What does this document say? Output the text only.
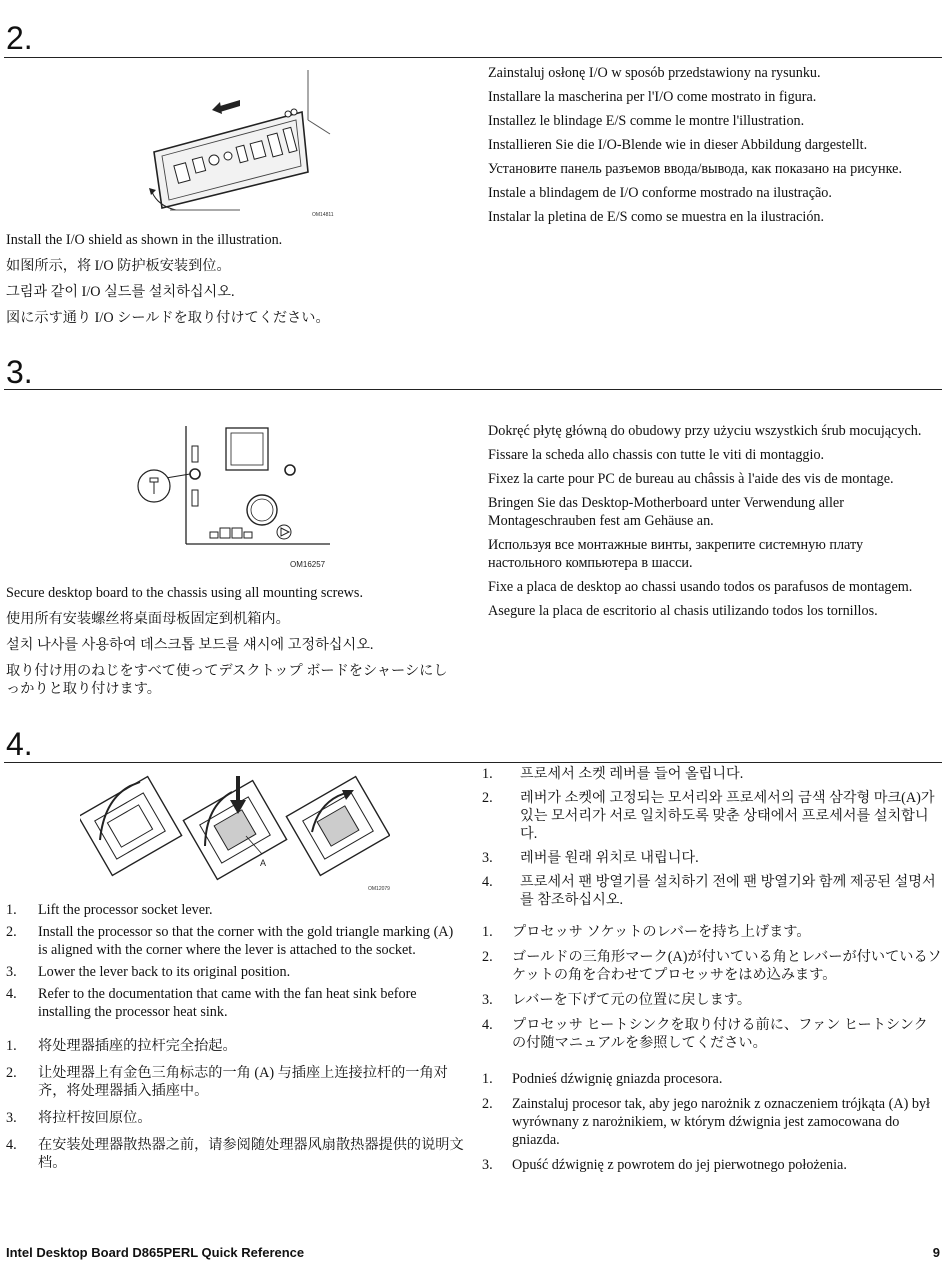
2.
OM14811

Install the I/O shield as shown in the illustration.

如图所示，将 I/O 防护板安装到位。

그림과 같이 I/O 실드를 설치하십시오.

図に示す通り I/O シールドを取り付けてください。

Zainstaluj osłonę I/O w sposób przedstawiony na rysunku.

Installare la mascherina per l'I/O come mostrato in figura.

Installez le blindage E/S comme le montre l'illustration.

Installieren Sie die I/O-Blende wie in dieser Abbildung dargestellt.

Установите панель разъемов ввода/вывода, как показано на рисунке.

Instale a blindagem de I/O conforme mostrado na ilustração.

Instalar la pletina de E/S como se muestra en la ilustración.

3.
OM16257

Secure desktop board to the chassis using all mounting screws.

使用所有安装螺丝将桌面母板固定到机箱内。

설치 나사를 사용하여 데스크톱 보드를 섀시에 고정하십시오.

取り付け用のねじをすべて使ってデスクトップ ボードをシャーシにしっかりと取り付けます。

Dokręć płytę główną do obudowy przy użyciu wszystkich śrub mocujących.

Fissare la scheda allo chassis con tutte le viti di montaggio.

Fixez la carte pour PC de bureau au châssis à l'aide des vis de montage.

Bringen Sie das Desktop-Motherboard unter Verwendung aller Montageschrauben fest am Gehäuse an.

Используя все монтажные винты, закрепите системную плату настольного компьютера в шасси.

Fixe a placa de desktop ao chassi usando todos os parafusos de montagem.

Asegure la placa de escritorio al chasis utilizando todos los tornillos.

4.
A
OM12079
1. Lift the processor socket lever.
2. Install the processor so that the corner with the gold triangle marking (A) is aligned with the corner where the lever is attached to the socket.
3. Lower the lever back to its original position.
4. Refer to the documentation that came with the fan heat sink before installing the processor heat sink.
1. 将处理器插座的拉杆完全抬起。
2. 让处理器上有金色三角标志的一角 (A) 与插座上连接拉杆的一角对齐，将处理器插入插座中。
3. 将拉杆按回原位。
4. 在安装处理器散热器之前，请参阅随处理器风扇散热器提供的说明文档。
1. 프로세서 소켓 레버를 들어 올립니다.
2. 레버가 소켓에 고정되는 모서리와 프로세서의 금색 삼각형 마크(A)가 있는 모서리가 서로 일치하도록 맞춘 상태에서 프로세서를 설치합니다.
3. 레버를 원래 위치로 내립니다.
4. 프로세서 팬 방열기를 설치하기 전에 팬 방열기와 함께 제공된 설명서를 참조하십시오.
1. プロセッサ ソケットのレバーを持ち上げます。
2. ゴールドの三角形マーク(A)が付いている角とレバーが付いているソケットの角を合わせてプロセッサをはめ込みます。
3. レバーを下げて元の位置に戻します。
4. プロセッサ ヒートシンクを取り付ける前に、ファン ヒートシンクの付随マニュアルを参照してください。
1. Podnieś dźwignię gniazda procesora.
2. Zainstaluj procesor tak, aby jego narożnik z oznaczeniem trójkąta (A) był wyrównany z narożnikiem, w którym dźwignia jest zamocowana do gniazda.
3. Opuść dźwignię z powrotem do jej pierwotnego położenia.
Intel Desktop Board D865PERL Quick Reference	9
